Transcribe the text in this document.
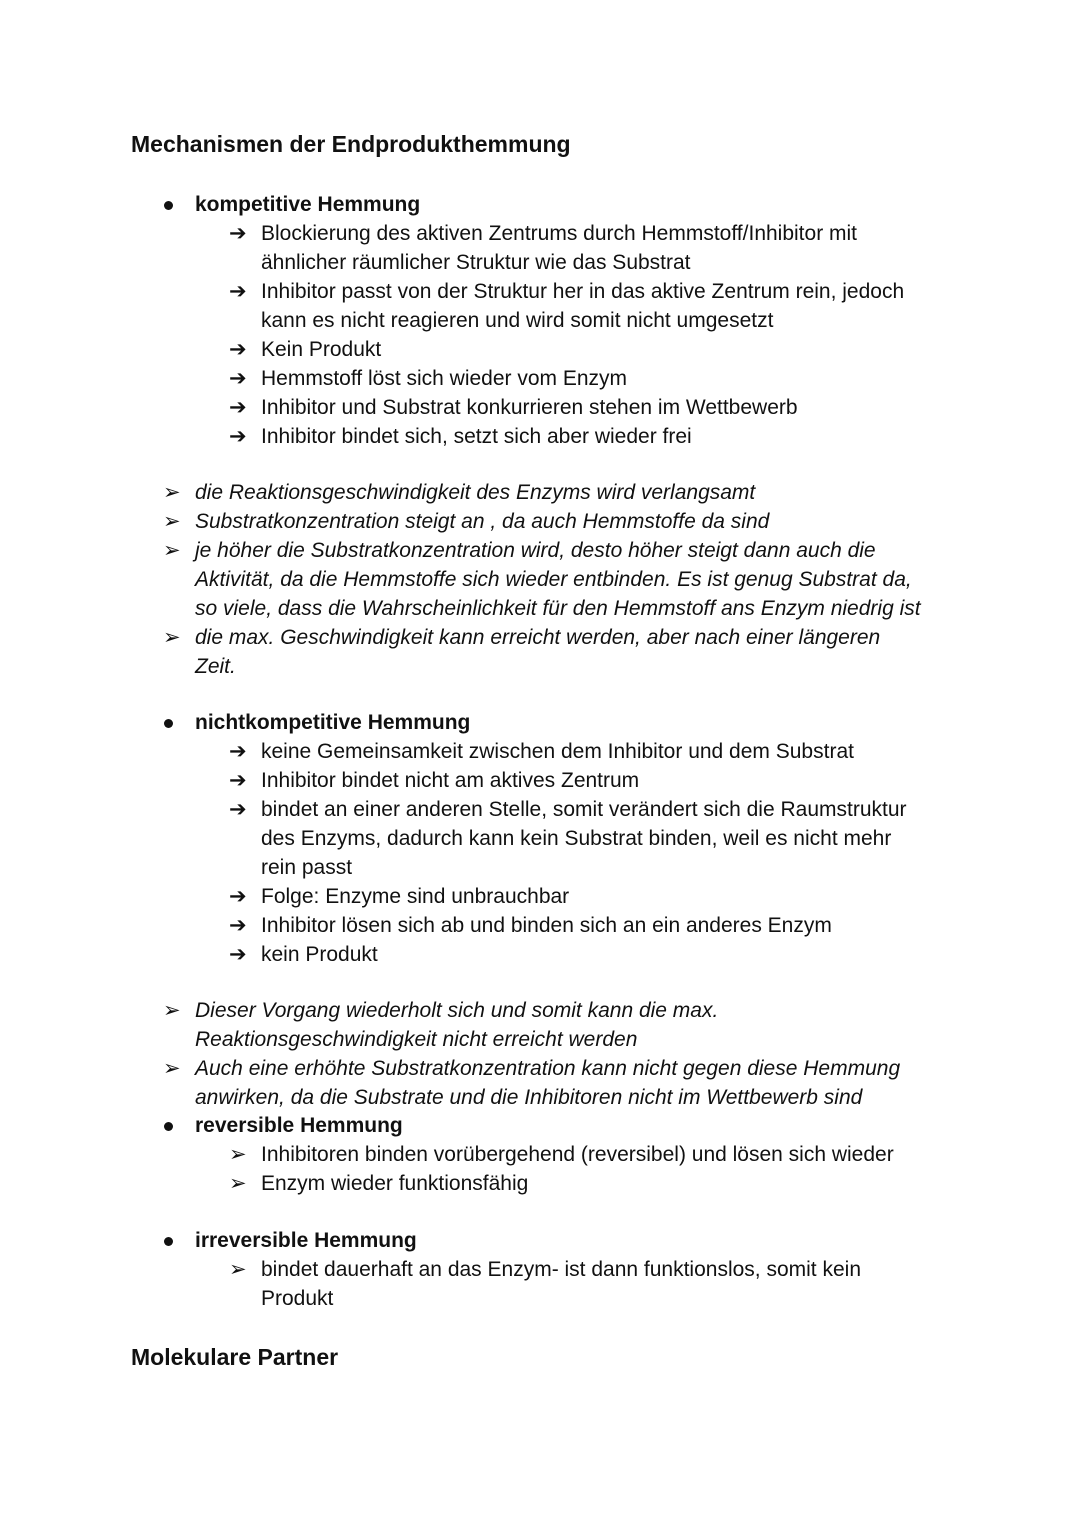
Mechanismen der Endprodukthemmung
kompetitive Hemmung
➔ Blockierung des aktiven Zentrums durch Hemmstoff/Inhibitor mit
ähnlicher räumlicher Struktur wie das Substrat
➔ Inhibitor passt von der Struktur her in das aktive Zentrum rein, jedoch
kann es nicht reagieren und wird somit nicht umgesetzt
➔ Kein Produkt
➔ Hemmstoff löst sich wieder vom Enzym
➔ Inhibitor und Substrat konkurrieren stehen im Wettbewerb
➔ Inhibitor bindet sich, setzt sich aber wieder frei
➢ die Reaktionsgeschwindigkeit des Enzyms wird verlangsamt
➢ Substratkonzentration steigt an , da auch Hemmstoffe da sind
➢ je höher die Substratkonzentration wird, desto höher steigt dann auch die
Aktivität, da die Hemmstoffe sich wieder entbinden. Es ist genug Substrat da,
so viele, dass die Wahrscheinlichkeit für den Hemmstoff ans Enzym niedrig ist
➢ die max. Geschwindigkeit kann erreicht werden, aber nach einer längeren
Zeit.
nichtkompetitive Hemmung
➔ keine Gemeinsamkeit zwischen dem Inhibitor und dem Substrat
➔ Inhibitor bindet nicht am aktives Zentrum
➔ bindet an einer anderen Stelle, somit verändert sich die Raumstruktur
des Enzyms, dadurch kann kein Substrat binden, weil es nicht mehr
rein passt
➔ Folge: Enzyme sind unbrauchbar
➔ Inhibitor lösen sich ab und binden sich an ein anderes Enzym
➔ kein Produkt
➢ Dieser Vorgang wiederholt sich und somit kann die max.
Reaktionsgeschwindigkeit nicht erreicht werden
➢ Auch eine erhöhte Substratkonzentration kann nicht gegen diese Hemmung
anwirken, da die Substrate und die Inhibitoren nicht im Wettbewerb sind
reversible Hemmung
➢ Inhibitoren binden vorübergehend (reversibel) und lösen sich wieder
➢ Enzym wieder funktionsfähig
irreversible Hemmung
➢ bindet dauerhaft an das Enzym- ist dann funktionslos, somit kein
Produkt
Molekulare Partner
